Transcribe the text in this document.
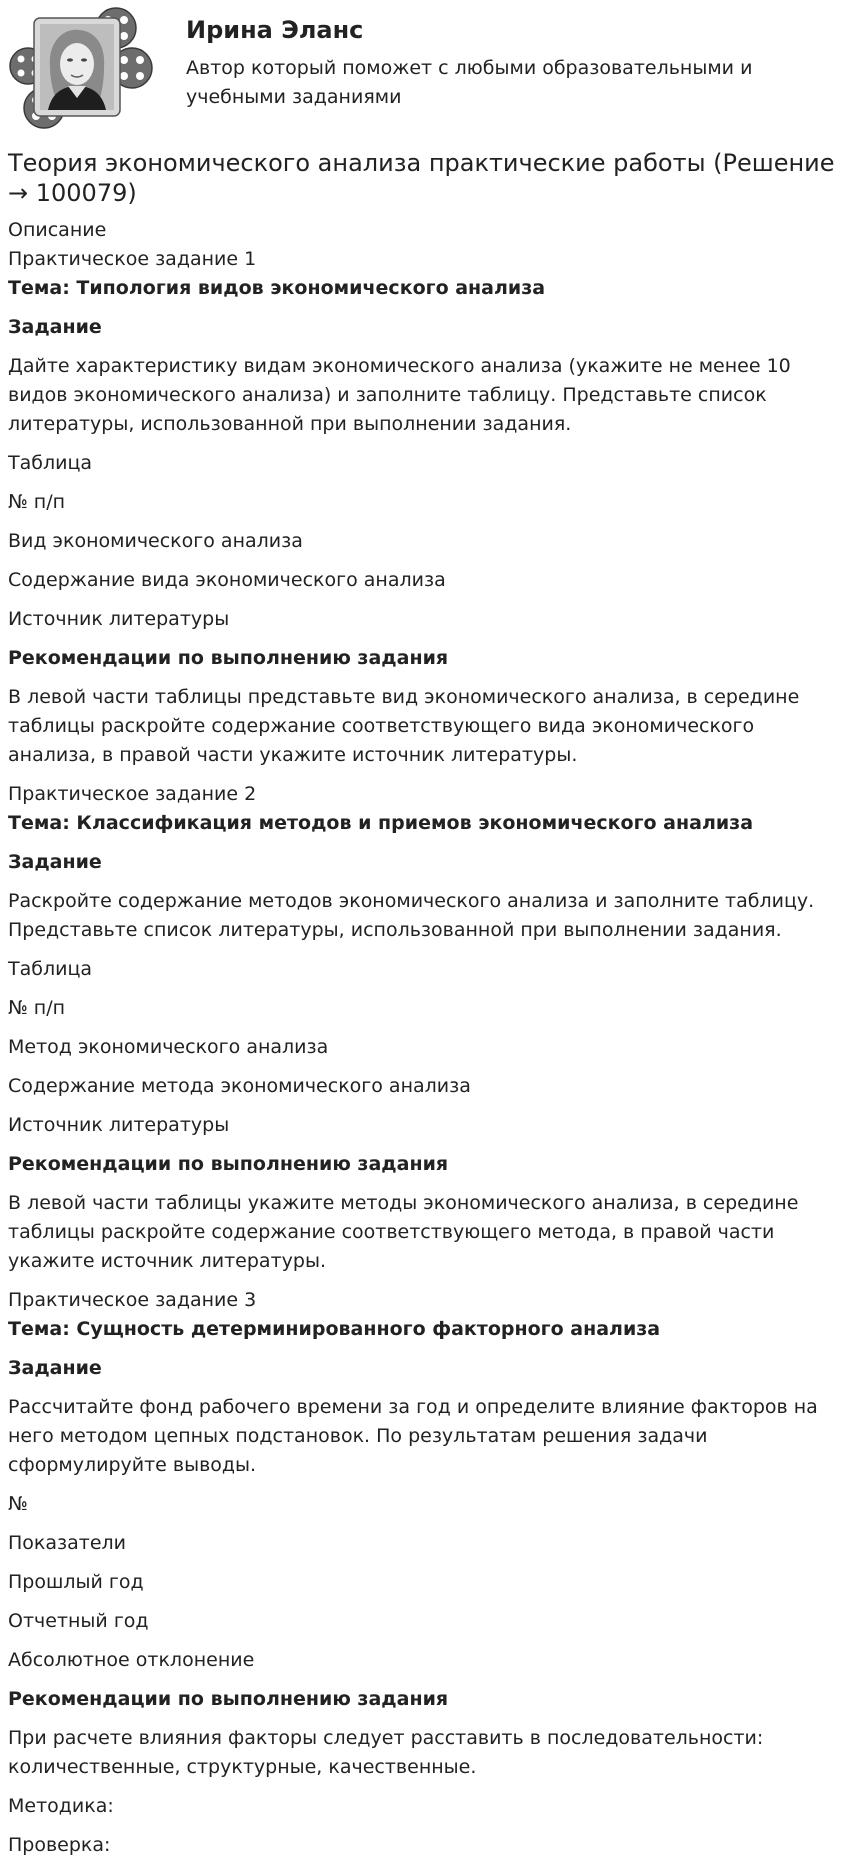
Ирина Эланс
Автор который поможет с любыми образовательными и учебными заданиями
Теория экономического анализа практические работы (Решение → 100079)

Описание

Практическое задание 1

Тема: Типология видов экономического анализа

Задание

Дайте характеристику видам экономического анализа (укажите не менее 10 видов экономического анализа) и заполните таблицу. Представьте список литературы, использованной при выполнении задания.

Таблица

№ п/п

Вид экономического анализа

Содержание вида экономического анализа

Источник литературы

Рекомендации по выполнению задания

В левой части таблицы представьте вид экономического анализа, в середине таблицы раскройте содержание соответствующего вида экономического анализа, в правой части укажите источник литературы.

Практическое задание 2

Тема: Классификация методов и приемов экономического анализа

Задание

Раскройте содержание методов экономического анализа и заполните таблицу. Представьте список литературы, использованной при выполнении задания.

Таблица

№ п/п

Метод экономического анализа

Содержание метода экономического анализа

Источник литературы

Рекомендации по выполнению задания

В левой части таблицы укажите методы экономического анализа, в середине таблицы раскройте содержание соответствующего метода, в правой части укажите источник литературы.

Практическое задание 3

Тема: Сущность детерминированного факторного анализа

Задание

Рассчитайте фонд рабочего времени за год и определите влияние факторов на него методом цепных подстановок. По результатам решения задачи сформулируйте выводы.

№

Показатели

Прошлый год

Отчетный год

Абсолютное отклонение

Рекомендации по выполнению задания

При расчете влияния факторы следует расставить в последовательности: количественные, структурные, качественные.

Методика:

Проверка:
